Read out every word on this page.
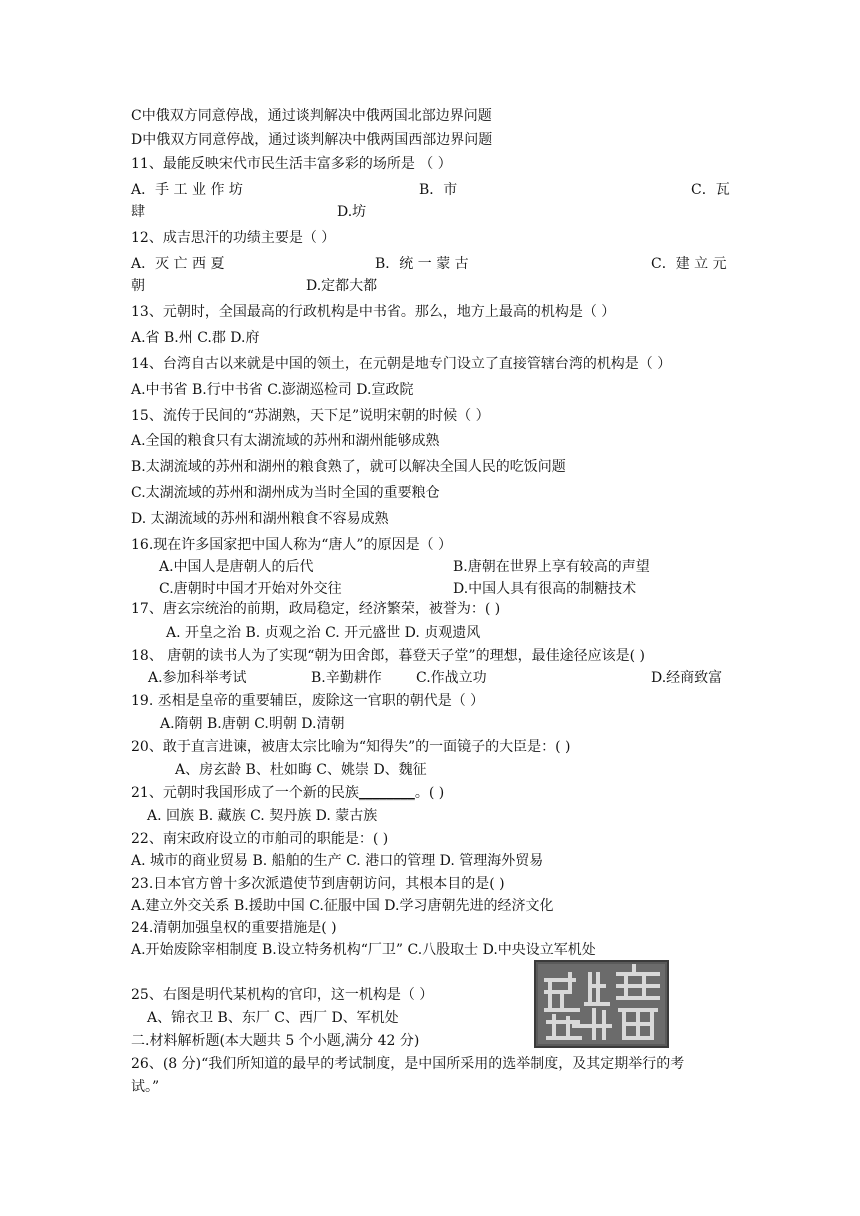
C中俄双方同意停战，通过谈判解决中俄两国北部边界问题
D中俄双方同意停战，通过谈判解决中俄两国西部边界问题
11、最能反映宋代市民生活丰富多彩的场所是 （ ）
A．手 工 业 作 坊	B．市	C．瓦
肆	D.坊
12、成吉思汗的功绩主要是（ ）
A．灭 亡 西 夏	B．统 一 蒙 古	C．建 立 元
朝	D.定都大都
13、元朝时，全国最高的行政机构是中书省。那么，地方上最高的机构是（ ）
A.省 B.州 C.郡 D.府
14、台湾自古以来就是中国的领土，在元朝是地专门设立了直接管辖台湾的机构是（ ）
A.中书省 B.行中书省 C.澎湖巡检司 D.宣政院
15、流传于民间的“苏湖熟，天下足”说明宋朝的时候（ ）
A.全国的粮食只有太湖流域的苏州和湖州能够成熟
B.太湖流域的苏州和湖州的粮食熟了，就可以解决全国人民的吃饭问题
C.太湖流域的苏州和湖州成为当时全国的重要粮仓
D. 太湖流域的苏州和湖州粮食不容易成熟
16.现在许多国家把中国人称为“唐人”的原因是（ ）
A.中国人是唐朝人的后代	B.唐朝在世界上享有较高的声望
C.唐朝时中国才开始对外交往	D.中国人具有很高的制糖技术
17、唐玄宗统治的前期，政局稳定，经济繁荣，被誉为：( )
A. 开皇之治 B. 贞观之治 C. 开元盛世 D. 贞观遗风
18、 唐朝的读书人为了实现“朝为田舍郎，暮登天子堂”的理想，最佳途径应该是( )
A.参加科举考试	B.辛勤耕作 C.作战立功	D.经商致富
19. 丞相是皇帝的重要辅臣，废除这一官职的朝代是（ ）
A.隋朝 B.唐朝 C.明朝 D.清朝
20、敢于直言进谏，被唐太宗比喻为“知得失”的一面镜子的大臣是：( )
A、房玄龄 B、杜如晦 C、姚崇 D、魏征
21、元朝时我国形成了一个新的民族________。( )
A. 回族 B. 藏族 C. 契丹族 D. 蒙古族
22、南宋政府设立的市舶司的职能是：( )
A. 城市的商业贸易 B. 船舶的生产 C. 港口的管理 D. 管理海外贸易
23.日本官方曾十多次派遣使节到唐朝访问，其根本目的是( )
A.建立外交关系 B.援助中国 C.征服中国 D.学习唐朝先进的经济文化
24.清朝加强皇权的重要措施是( )
A.开始废除宰相制度 B.设立特务机构“厂卫” C.八股取士 D.中央设立军机处
25、右图是明代某机构的官印，这一机构是（ ）
A、锦衣卫 B、东厂 C、西厂 D、军机处
二.材料解析题(本大题共 5 个小题,满分 42 分)
26、(8 分)“我们所知道的最早的考试制度，是中国所采用的选举制度，及其定期举行的考
试。”
